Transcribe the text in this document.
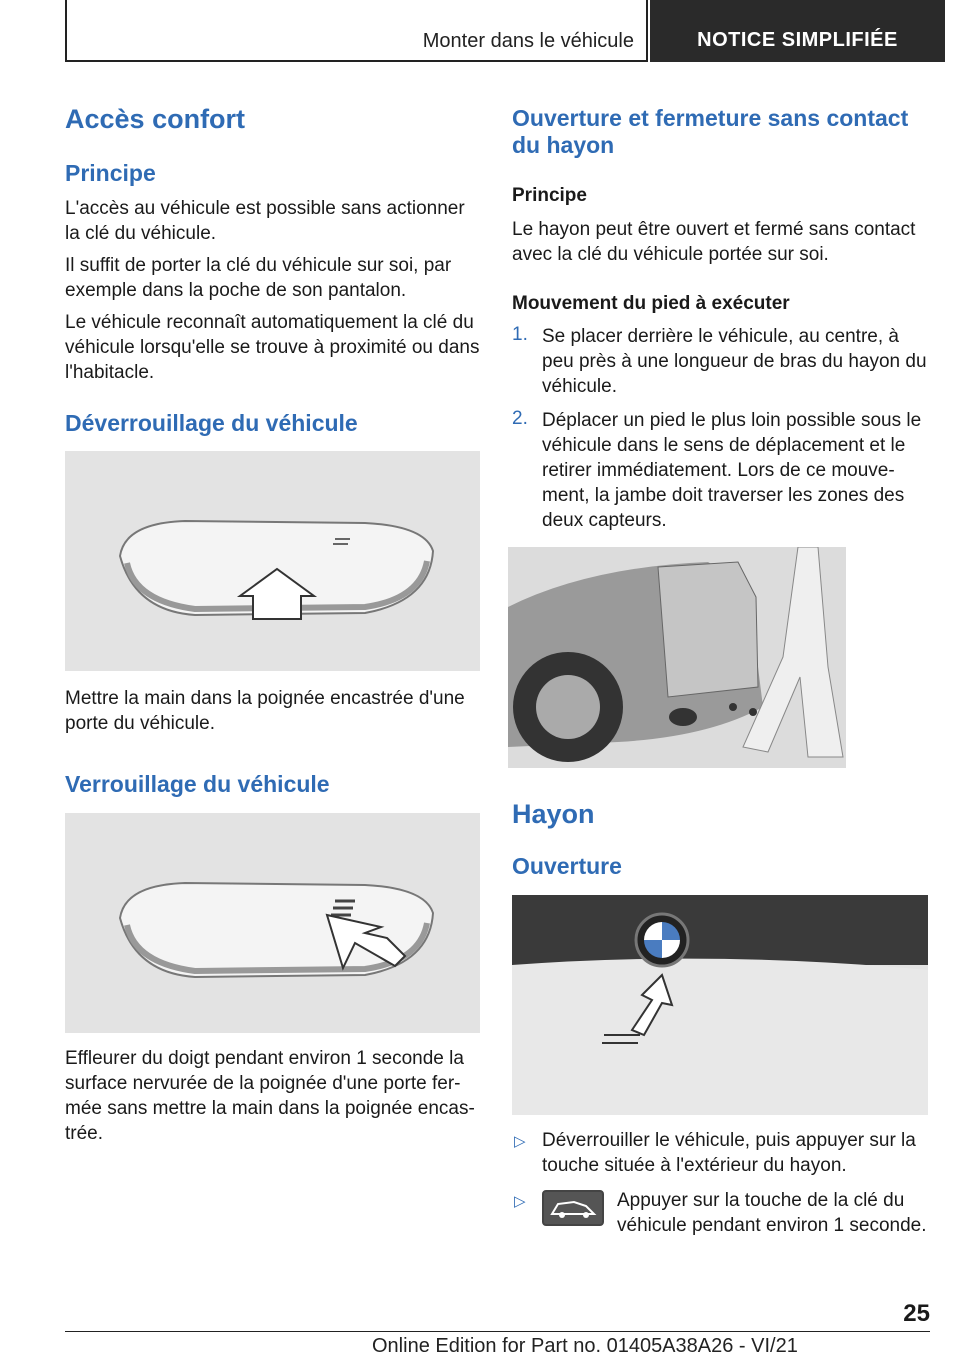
Monter dans le véhicule	NOTICE SIMPLIFIÉE
Accès confort
Principe

L'accès au véhicule est possible sans actionner la clé du véhicule.

Il suffit de porter la clé du véhicule sur soi, par exemple dans la poche de son pantalon.

Le véhicule reconnaît automatiquement la clé du véhicule lorsqu'elle se trouve à proximité ou dans l'habitacle.

Déverrouillage du véhicule

Mettre la main dans la poignée encastrée d'une porte du véhicule.

Verrouillage du véhicule

Effleurer du doigt pendant environ 1 seconde la surface nervurée de la poignée d'une porte fermée sans mettre la main dans la poignée encastrée.

Ouverture et fermeture sans contact du hayon
Principe

Le hayon peut être ouvert et fermé sans contact avec la clé du véhicule portée sur soi.

Mouvement du pied à exécuter
1. Se placer derrière le véhicule, au centre, à peu près à une longueur de bras du hayon du véhicule.

2. Déplacer un pied le plus loin possible sous le véhicule dans le sens de déplacement et le retirer immédiatement. Lors de ce mouvement, la jambe doit traverser les zones des deux capteurs.

Hayon
Ouverture
▷ Déverrouiller le véhicule, puis appuyer sur la touche située à l'extérieur du hayon.

▷	Appuyer sur la touche de la clé du véhicule pendant environ 1 seconde.

25
Online Edition for Part no. 01405A38A26 - VI/21
